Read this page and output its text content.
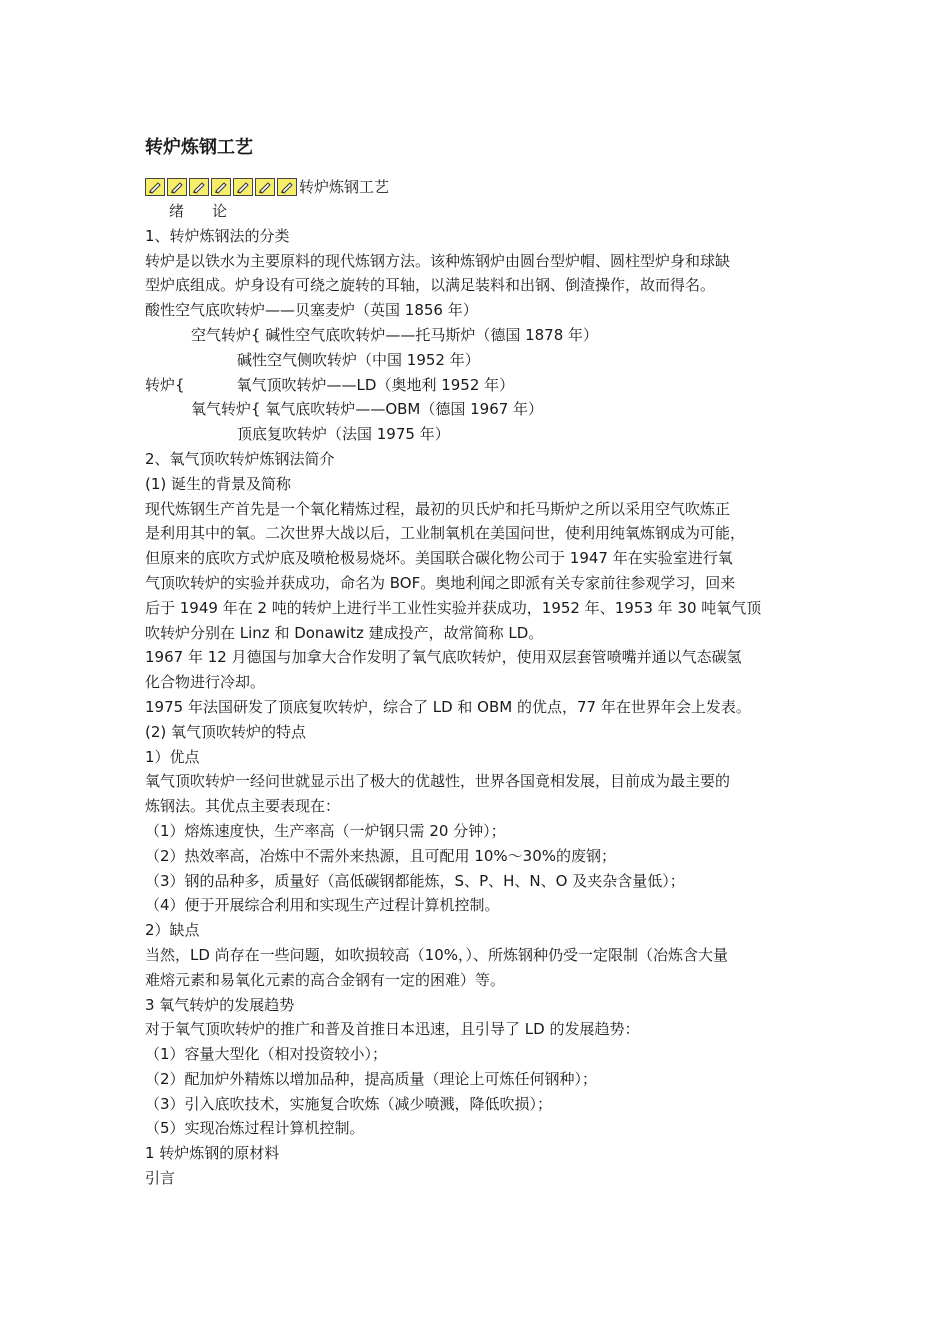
转炉炼钢工艺
转炉炼钢工艺
绪 论
1、转炉炼钢法的分类
转炉是以铁水为主要原料的现代炼钢方法。该种炼钢炉由圆台型炉帽、圆柱型炉身和球缺
型炉底组成。炉身设有可绕之旋转的耳轴，以满足装料和出钢、倒渣操作，故而得名。
酸性空气底吹转炉——贝塞麦炉（英国 1856 年）
空气转炉{ 碱性空气底吹转炉——托马斯炉（德国 1878 年）
碱性空气侧吹转炉（中国 1952 年）
转炉{	氧气顶吹转炉——LD（奥地利 1952 年）
氧气转炉{ 氧气底吹转炉——OBM（德国 1967 年）
顶底复吹转炉（法国 1975 年）
2、氧气顶吹转炉炼钢法简介
(1) 诞生的背景及简称
现代炼钢生产首先是一个氧化精炼过程，最初的贝氏炉和托马斯炉之所以采用空气吹炼正
是利用其中的氧。二次世界大战以后，工业制氧机在美国问世，使利用纯氧炼钢成为可能，
但原来的底吹方式炉底及喷枪极易烧坏。美国联合碳化物公司于 1947 年在实验室进行氧
气顶吹转炉的实验并获成功，命名为 BOF。奥地利闻之即派有关专家前往参观学习，回来
后于 1949 年在 2 吨的转炉上进行半工业性实验并获成功，1952 年、1953 年 30 吨氧气顶
吹转炉分别在 Linz 和 Donawitz 建成投产，故常简称 LD。
1967 年 12 月德国与加拿大合作发明了氧气底吹转炉，使用双层套管喷嘴并通以气态碳氢
化合物进行冷却。
1975 年法国研发了顶底复吹转炉，综合了 LD 和 OBM 的优点，77 年在世界年会上发表。
(2) 氧气顶吹转炉的特点
1）优点
氧气顶吹转炉一经问世就显示出了极大的优越性，世界各国竟相发展，目前成为最主要的
炼钢法。其优点主要表现在：
（1）熔炼速度快，生产率高（一炉钢只需 20 分钟）；
（2）热效率高，冶炼中不需外来热源，且可配用 10%～30%的废钢；
（3）钢的品种多，质量好（高低碳钢都能炼，S、P、H、N、O 及夹杂含量低）；
（4）便于开展综合利用和实现生产过程计算机控制。
2）缺点
当然，LD 尚存在一些问题，如吹损较高（10%，）、所炼钢种仍受一定限制（冶炼含大量
难熔元素和易氧化元素的高合金钢有一定的困难）等。
3 氧气转炉的发展趋势
对于氧气顶吹转炉的推广和普及首推日本迅速，且引导了 LD 的发展趋势：
（1）容量大型化（相对投资较小）；
（2）配加炉外精炼以增加品种，提高质量（理论上可炼任何钢种）；
（3）引入底吹技术，实施复合吹炼（减少喷溅，降低吹损）；
（5）实现冶炼过程计算机控制。
1 转炉炼钢的原材料
引言
